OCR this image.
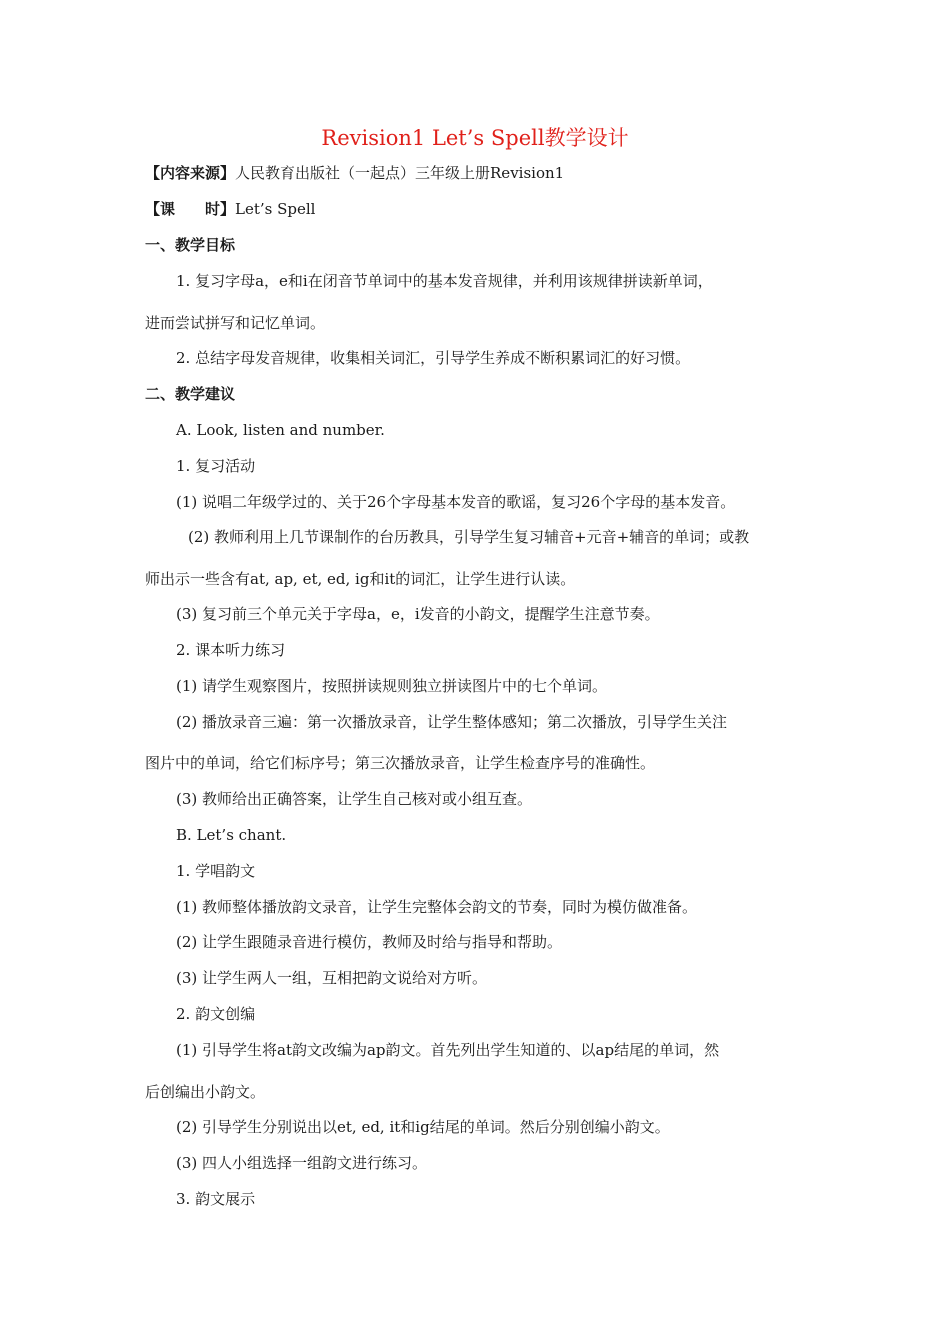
Revision1 Let’s Spell教学设计
【内容来源】人民教育出版社（一起点）三年级上册Revision1
【课　　时】Let’s Spell
一、教学目标
1. 复习字母a，e和i在闭音节单词中的基本发音规律，并利用该规律拼读新单词，
进而尝试拼写和记忆单词。
2. 总结字母发音规律，收集相关词汇，引导学生养成不断积累词汇的好习惯。
二、教学建议
A. Look, listen and number.
1. 复习活动
(1) 说唱二年级学过的、关于26个字母基本发音的歌谣，复习26个字母的基本发音。
(2) 教师利用上几节课制作的台历教具，引导学生复习辅音+元音+辅音的单词；或教
师出示一些含有at, ap, et, ed, ig和it的词汇，让学生进行认读。
(3) 复习前三个单元关于字母a，e，i发音的小韵文，提醒学生注意节奏。
2. 课本听力练习
(1) 请学生观察图片，按照拼读规则独立拼读图片中的七个单词。
(2) 播放录音三遍：第一次播放录音，让学生整体感知；第二次播放，引导学生关注
图片中的单词，给它们标序号；第三次播放录音，让学生检查序号的准确性。
(3) 教师给出正确答案，让学生自己核对或小组互查。
B. Let’s chant.
1. 学唱韵文
(1) 教师整体播放韵文录音，让学生完整体会韵文的节奏，同时为模仿做准备。
(2) 让学生跟随录音进行模仿，教师及时给与指导和帮助。
(3) 让学生两人一组，互相把韵文说给对方听。
2. 韵文创编
(1) 引导学生将at韵文改编为ap韵文。首先列出学生知道的、以ap结尾的单词，然
后创编出小韵文。
(2) 引导学生分别说出以et, ed, it和ig结尾的单词。然后分别创编小韵文。
(3) 四人小组选择一组韵文进行练习。
3. 韵文展示
